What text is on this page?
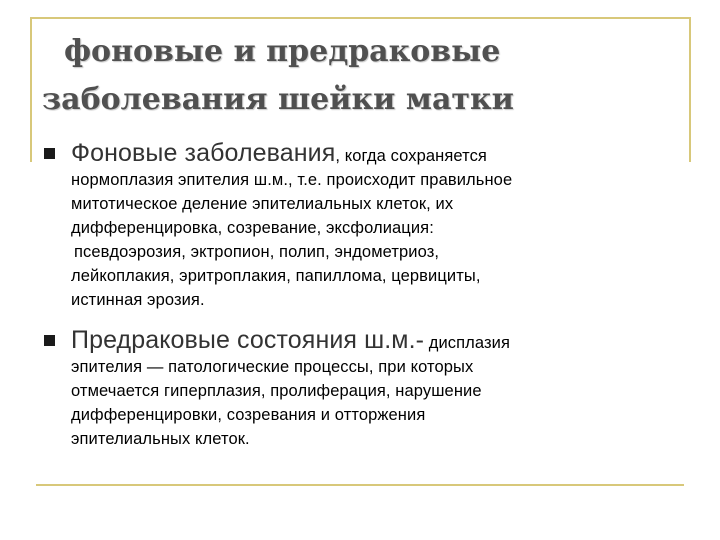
фоновые и предраковые
заболевания шейки матки
Фоновые заболевания, когда сохраняется
нормоплазия эпителия ш.м., т.е. происходит правильное
митотическое деление эпителиальных клеток, их
дифференцировка, созревание, эксфолиация:
псевдоэрозия, эктропион, полип, эндометриоз,
лейкоплакия, эритроплакия, папиллома, цервициты,
истинная эрозия.
Предраковые состояния ш.м.- дисплазия
эпителия — патологические процессы, при которых
отмечается гиперплазия, пролиферация, нарушение
дифференцировки, созревания и отторжения
эпителиальных клеток.
